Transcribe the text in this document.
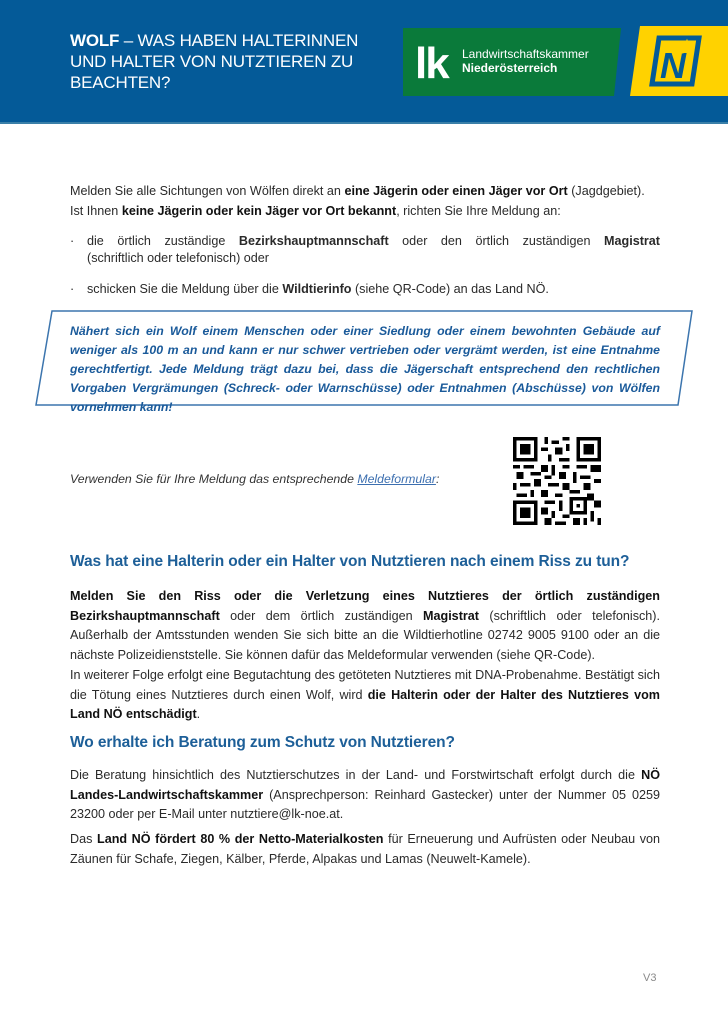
WOLF – WAS HABEN HALTERINNEN UND HALTER VON NUTZTIEREN ZU BEACHTEN?	lk Landwirtschaftskammer
Niederösterreich	N
Melden Sie alle Sichtungen von Wölfen direkt an eine Jägerin oder einen Jäger vor Ort (Jagdgebiet).
Ist Ihnen keine Jägerin oder kein Jäger vor Ort bekannt, richten Sie Ihre Meldung an:
·	die örtlich zuständige Bezirkshauptmannschaft oder den örtlich zuständigen Magistrat
(schriftlich oder telefonisch) oder
·	schicken Sie die Meldung über die Wildtierinfo (siehe QR-Code) an das Land NÖ.
Nähert sich ein Wolf einem Menschen oder einer Siedlung oder einem bewohnten Gebäude auf weniger als 100 m an und kann er nur schwer vertrieben oder vergrämt werden, ist eine Entnahme gerechtfertigt. Jede Meldung trägt dazu bei, dass die Jägerschaft entsprechend den rechtlichen Vorgaben Vergrämungen (Schreck- oder Warnschüsse) oder Entnahmen (Abschüsse) von Wölfen vornehmen kann!
Verwenden Sie für Ihre Meldung das entsprechende Meldeformular:
Was hat eine Halterin oder ein Halter von Nutztieren nach einem Riss zu tun?
Melden Sie den Riss oder die Verletzung eines Nutztieres der örtlich zuständigen Bezirkshauptmannschaft oder dem örtlich zuständigen Magistrat (schriftlich oder telefonisch). Außerhalb der Amtsstunden wenden Sie sich bitte an die Wildtierhotline 02742 9005 9100 oder an die nächste Polizeidienststelle. Sie können dafür das Meldeformular verwenden (siehe QR-Code).
In weiterer Folge erfolgt eine Begutachtung des getöteten Nutztieres mit DNA-Probenahme. Bestätigt sich die Tötung eines Nutztieres durch einen Wolf, wird die Halterin oder der Halter des Nutztieres vom Land NÖ entschädigt.
Wo erhalte ich Beratung zum Schutz von Nutztieren?
Die Beratung hinsichtlich des Nutztierschutzes in der Land- und Forstwirtschaft erfolgt durch die NÖ Landes-Landwirtschaftskammer (Ansprechperson: Reinhard Gastecker) unter der Nummer 05 0259 23200 oder per E-Mail unter nutztiere@lk-noe.at.
Das Land NÖ fördert 80 % der Netto-Materialkosten für Erneuerung und Aufrüsten oder Neubau von Zäunen für Schafe, Ziegen, Kälber, Pferde, Alpakas und Lamas (Neuwelt-Kamele).
V3
